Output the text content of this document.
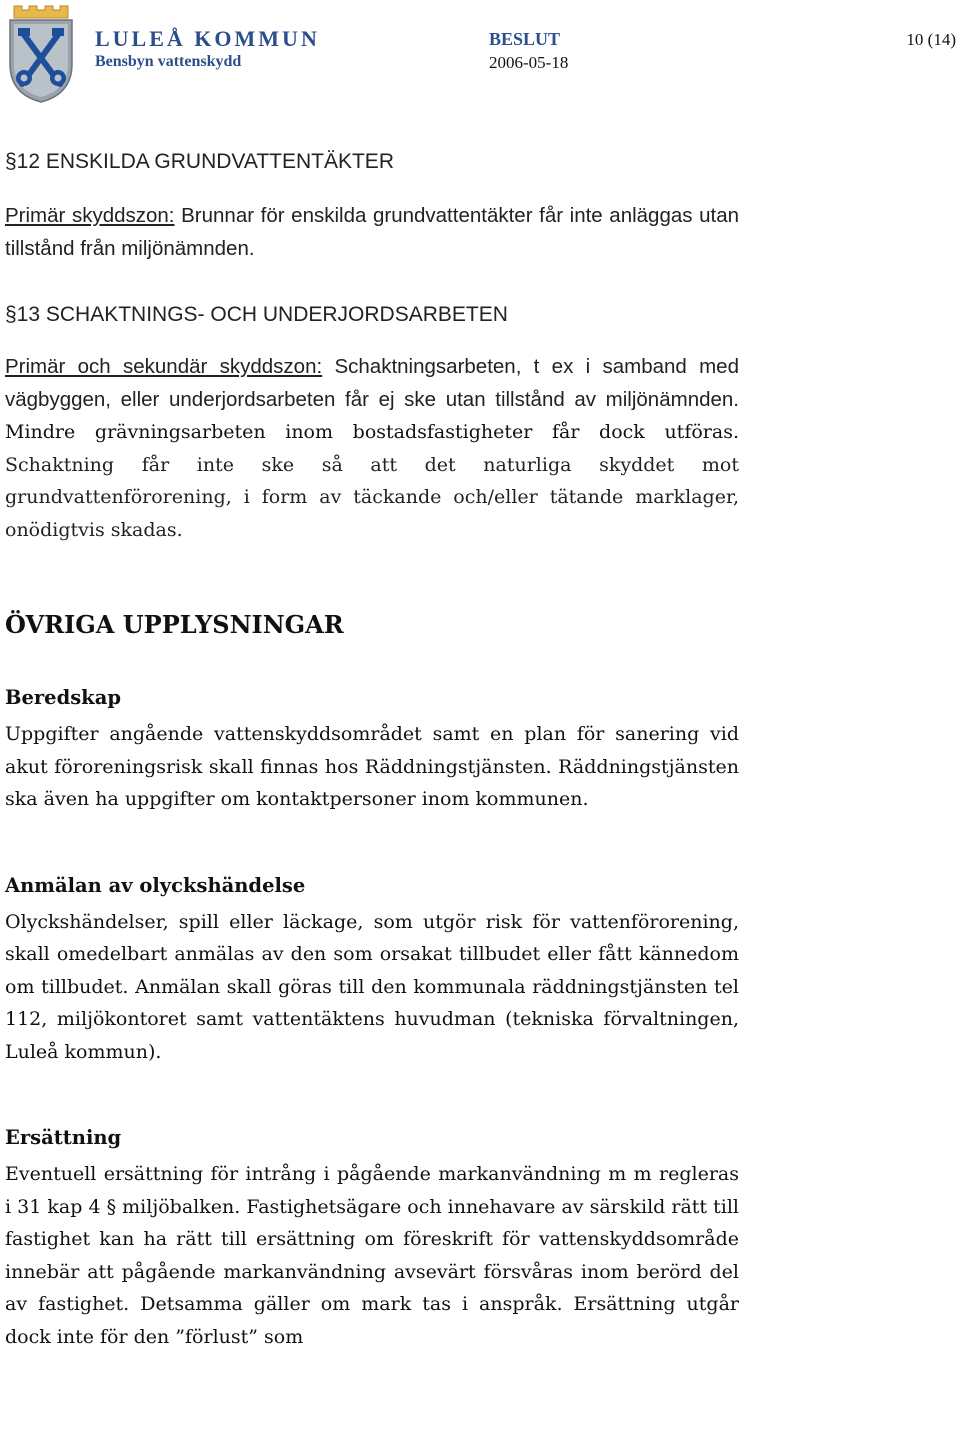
LULEÅ KOMMUN
Bensbyn vattenskydd
BESLUT
2006-05-18
10 (14)

§12 ENSKILDA GRUNDVATTENTÄKTER

Primär skyddszon: Brunnar för enskilda grundvattentäkter får inte anläggas utan tillstånd från miljönämnden.

§13 SCHAKTNINGS- OCH UNDERJORDSARBETEN

Primär och sekundär skyddszon: Schaktningsarbeten, t ex i samband med vägbyggen, eller underjordsarbeten får ej ske utan tillstånd av miljönämnden. Mindre grävningsarbeten inom bostadsfastigheter får dock utföras. Schaktning får inte ske så att det naturliga skyddet mot grundvattenförorening, i form av täckande och/eller tätande marklager, onödigtvis skadas.

ÖVRIGA UPPLYSNINGAR

Beredskap

Uppgifter angående vattenskyddsområdet samt en plan för sanering vid akut föroreningsrisk skall finnas hos Räddningstjänsten. Räddningstjänsten ska även ha uppgifter om kontaktpersoner inom kommunen.

Anmälan av olyckshändelse

Olyckshändelser, spill eller läckage, som utgör risk för vattenförorening, skall omedelbart anmälas av den som orsakat tillbudet eller fått kännedom om tillbudet. Anmälan skall göras till den kommunala räddningstjänsten tel 112, miljökontoret samt vattentäktens huvudman (tekniska förvaltningen, Luleå kommun).

Ersättning

Eventuell ersättning för intrång i pågående markanvändning m m regleras i 31 kap 4 § miljöbalken. Fastighetsägare och innehavare av särskild rätt till fastighet kan ha rätt till ersättning om föreskrift för vattenskyddsområde innebär att pågående markanvändning avsevärt försvåras inom berörd del av fastighet. Detsamma gäller om mark tas i anspråk. Ersättning utgår dock inte för den ”förlust” som
